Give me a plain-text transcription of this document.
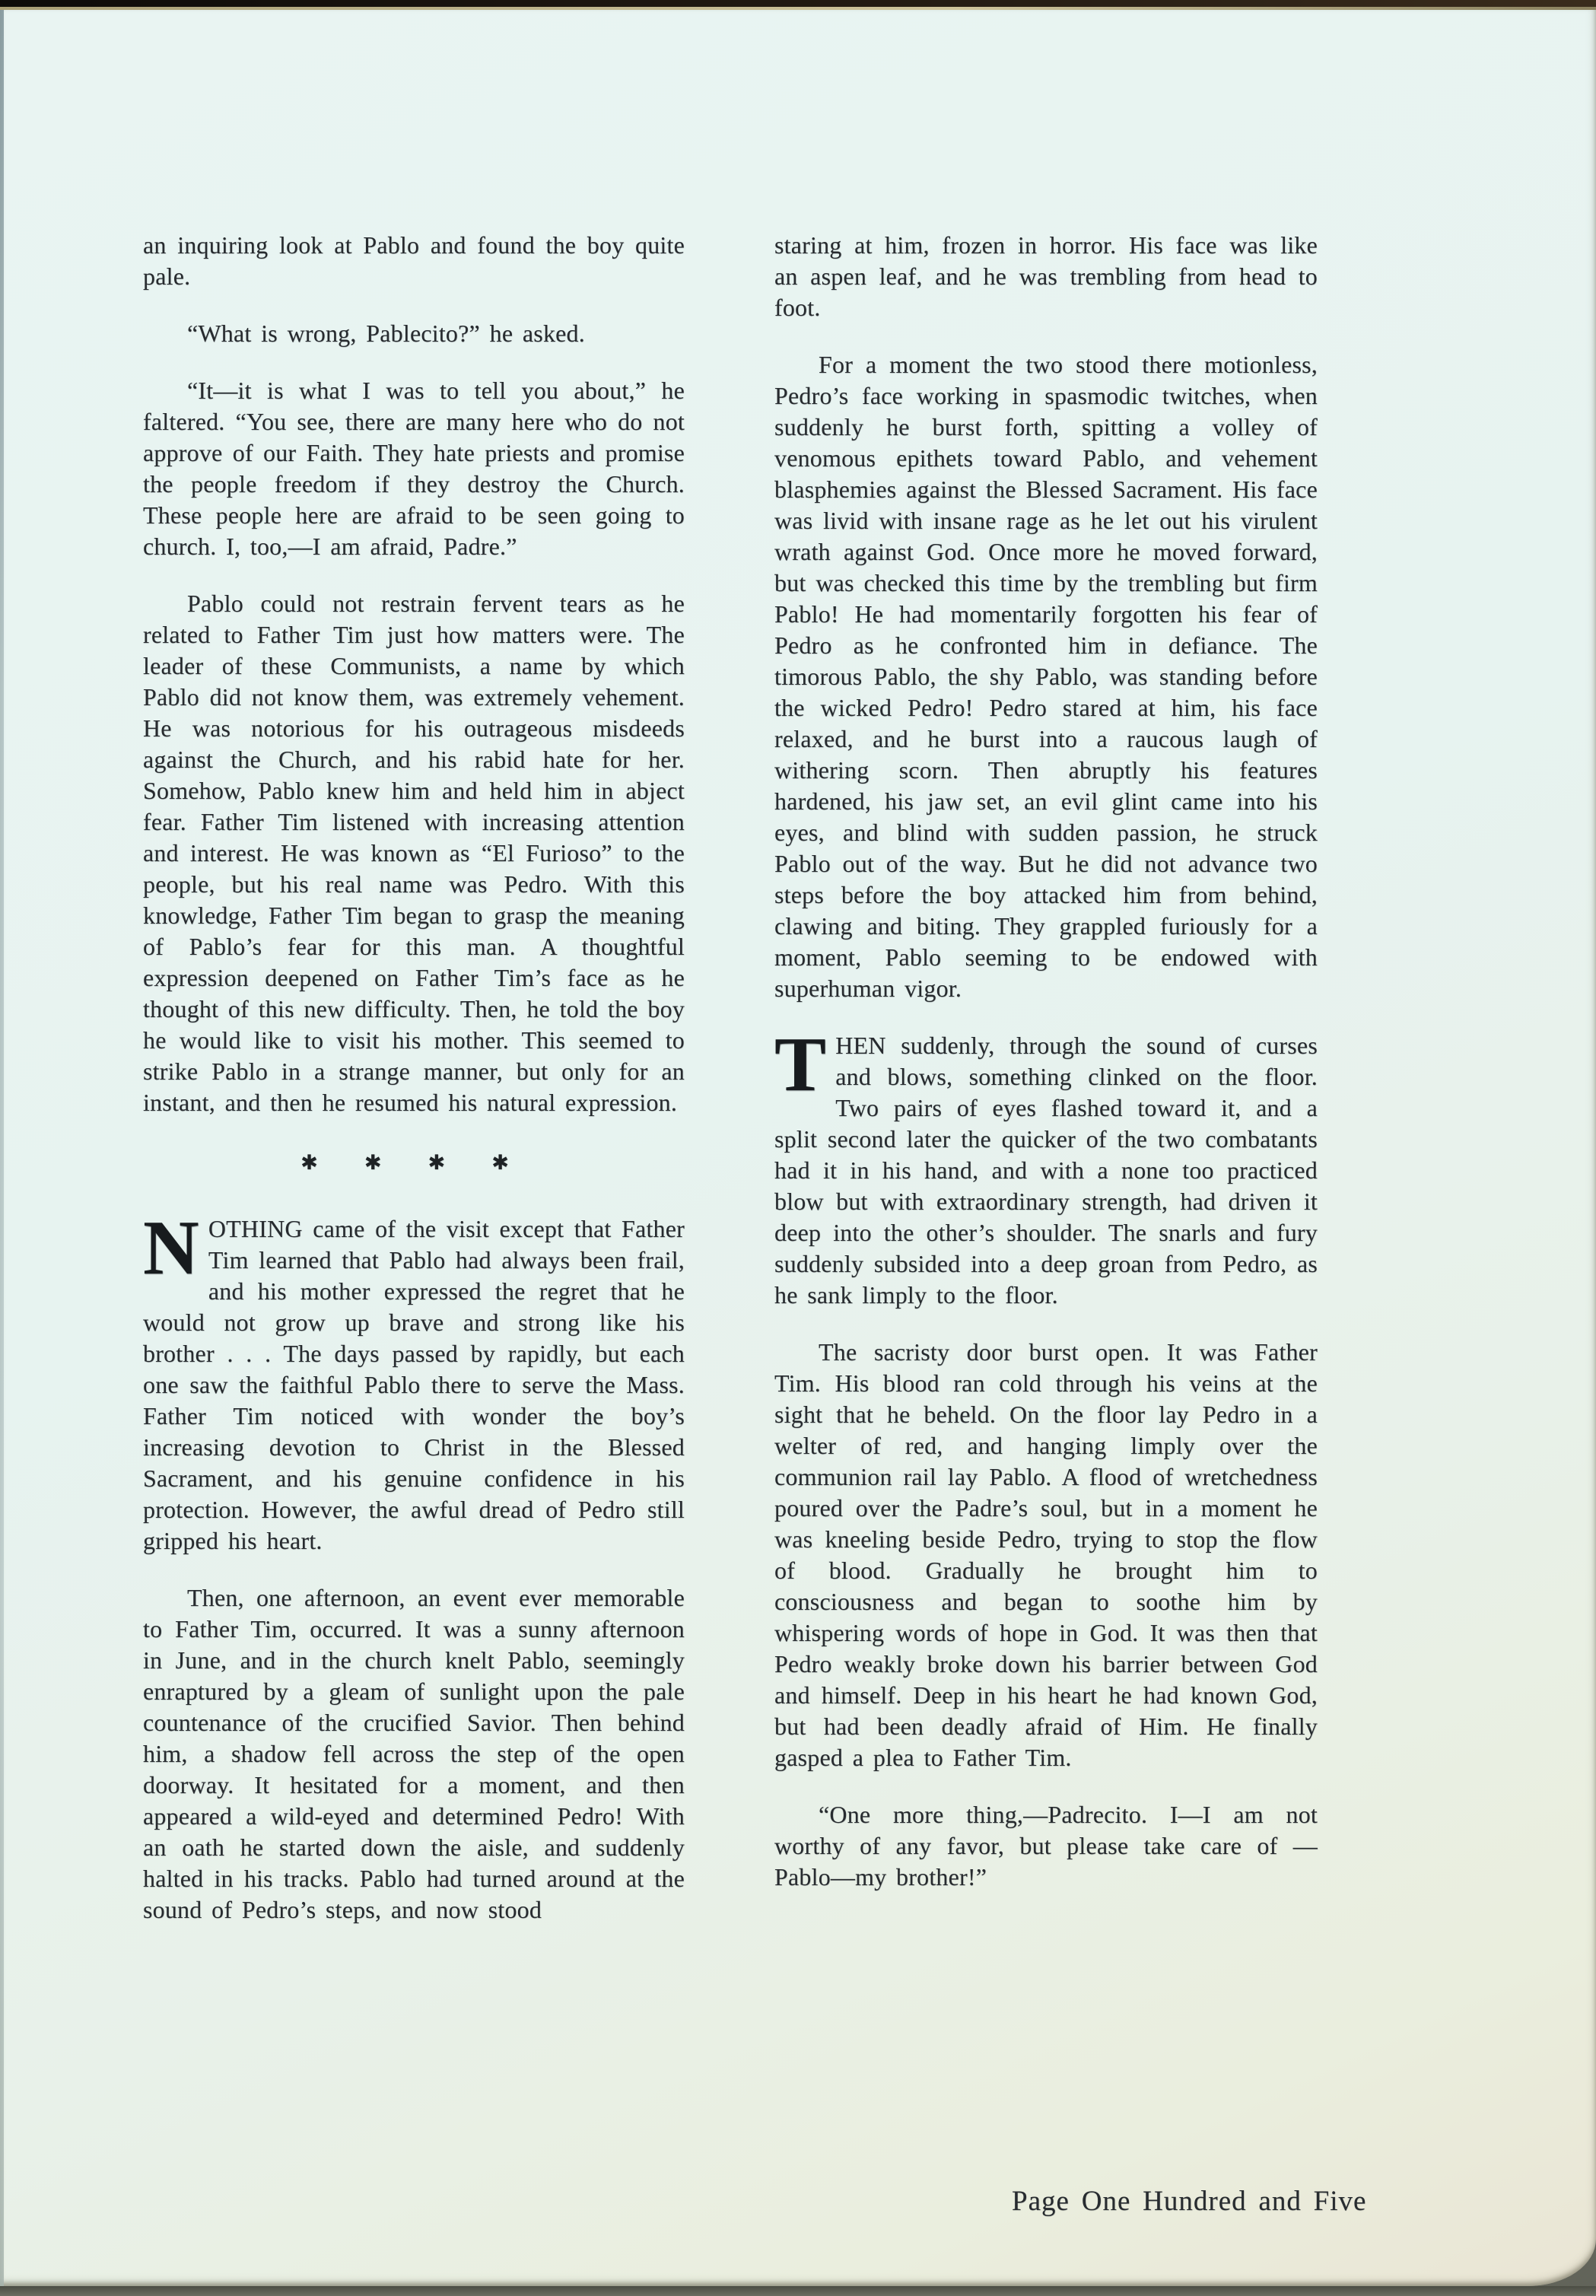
an inquiring look at Pablo and found the boy quite pale.

“What is wrong, Pablecito?” he asked.

“It—it is what I was to tell you about,” he faltered. “You see, there are many here who do not approve of our Faith. They hate priests and promise the people freedom if they destroy the Church. These people here are afraid to be seen going to church. I, too,—I am afraid, Padre.”

Pablo could not restrain fervent tears as he related to Father Tim just how matters were. The leader of these Communists, a name by which Pablo did not know them, was extremely vehement. He was notorious for his outrageous misdeeds against the Church, and his rabid hate for her. Somehow, Pablo knew him and held him in abject fear. Father Tim listened with increasing attention and interest. He was known as “El Furioso” to the people, but his real name was Pedro. With this knowledge, Father Tim began to grasp the meaning of Pablo’s fear for this man. A thoughtful expression deepened on Father Tim’s face as he thought of this new difficulty. Then, he told the boy he would like to visit his mother. This seemed to strike Pablo in a strange manner, but only for an instant, and then he resumed his natural expression.

✱ ✱ ✱ ✱

NOTHING came of the visit except that Father Tim learned that Pablo had always been frail, and his mother expressed the regret that he would not grow up brave and strong like his brother . . . The days passed by rapidly, but each one saw the faithful Pablo there to serve the Mass. Father Tim noticed with wonder the boy’s increasing devotion to Christ in the Blessed Sacrament, and his genuine confidence in his protection. However, the awful dread of Pedro still gripped his heart.

Then, one afternoon, an event ever memorable to Father Tim, occurred. It was a sunny afternoon in June, and in the church knelt Pablo, seemingly enraptured by a gleam of sunlight upon the pale countenance of the crucified Savior. Then behind him, a shadow fell across the step of the open doorway. It hesitated for a moment, and then appeared a wild-eyed and determined Pedro! With an oath he started down the aisle, and suddenly halted in his tracks. Pablo had turned around at the sound of Pedro’s steps, and now stood

staring at him, frozen in horror. His face was like an aspen leaf, and he was trembling from head to foot.

For a moment the two stood there motionless, Pedro’s face working in spasmodic twitches, when suddenly he burst forth, spitting a volley of venomous epithets toward Pablo, and vehement blasphemies against the Blessed Sacrament. His face was livid with insane rage as he let out his virulent wrath against God. Once more he moved forward, but was checked this time by the trembling but firm Pablo! He had momentarily forgotten his fear of Pedro as he confronted him in defiance. The timorous Pablo, the shy Pablo, was standing before the wicked Pedro! Pedro stared at him, his face relaxed, and he burst into a raucous laugh of withering scorn. Then abruptly his features hardened, his jaw set, an evil glint came into his eyes, and blind with sudden passion, he struck Pablo out of the way. But he did not advance two steps before the boy attacked him from behind, clawing and biting. They grappled furiously for a moment, Pablo seeming to be endowed with superhuman vigor.

THEN suddenly, through the sound of curses and blows, something clinked on the floor. Two pairs of eyes flashed toward it, and a split second later the quicker of the two combatants had it in his hand, and with a none too practiced blow but with extraordinary strength, had driven it deep into the other’s shoulder. The snarls and fury suddenly subsided into a deep groan from Pedro, as he sank limply to the floor.

The sacristy door burst open. It was Father Tim. His blood ran cold through his veins at the sight that he beheld. On the floor lay Pedro in a welter of red, and hanging limply over the communion rail lay Pablo. A flood of wretchedness poured over the Padre’s soul, but in a moment he was kneeling beside Pedro, trying to stop the flow of blood. Gradually he brought him to consciousness and began to soothe him by whispering words of hope in God. It was then that Pedro weakly broke down his barrier between God and himself. Deep in his heart he had known God, but had been deadly afraid of Him. He finally gasped a plea to Father Tim.

“One more thing,—Padrecito. I—I am not worthy of any favor, but please take care of —Pablo—my brother!”

Page One Hundred and Five
